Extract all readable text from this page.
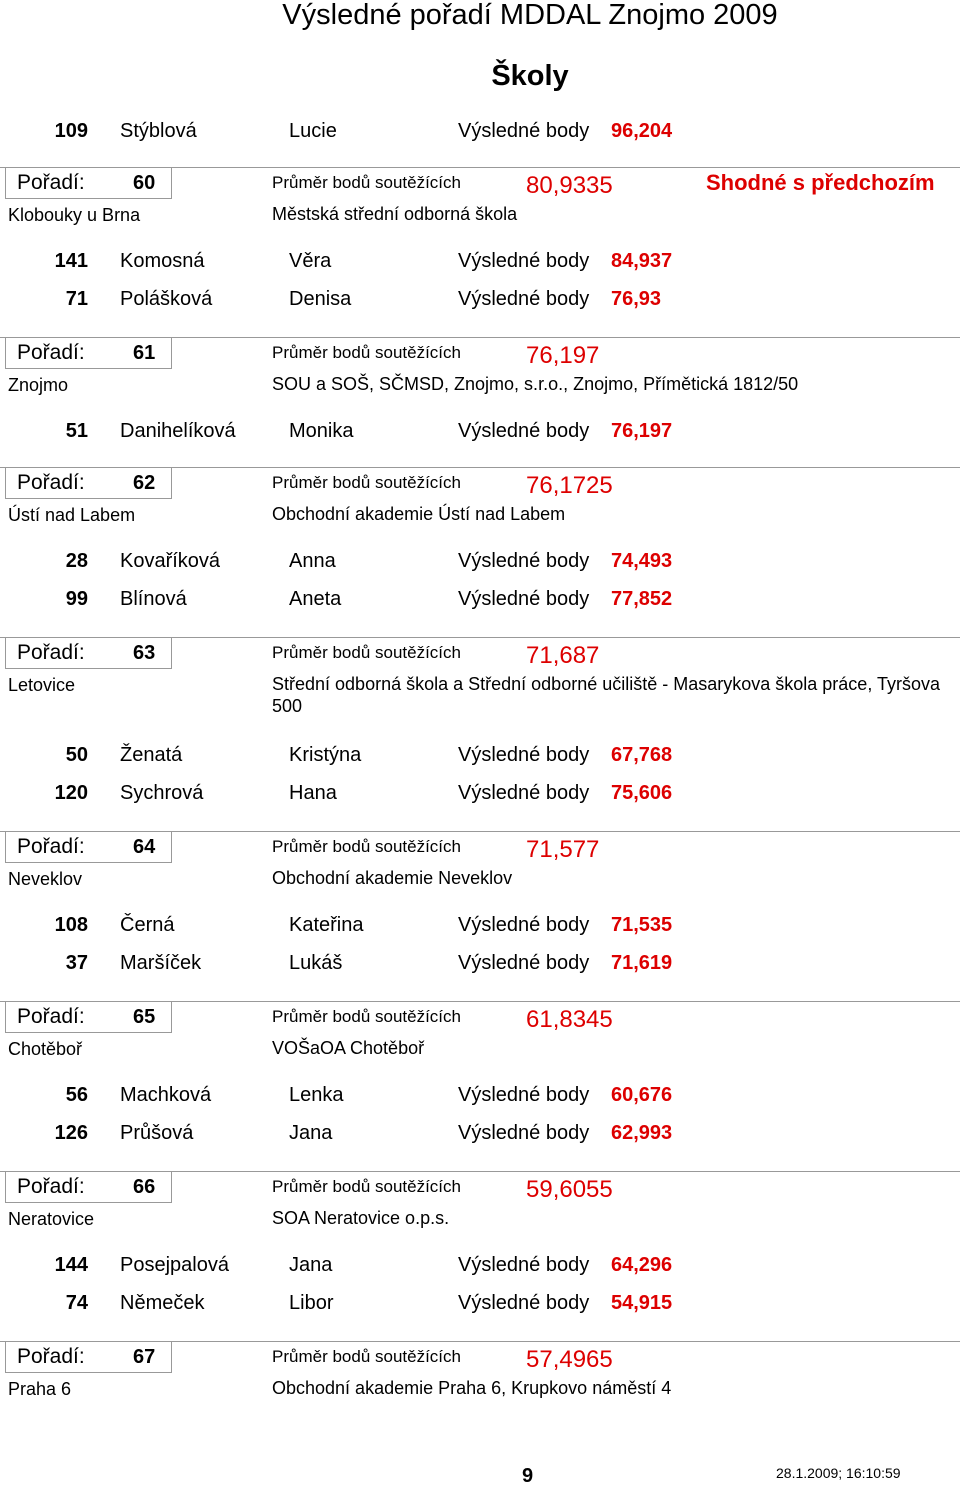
Výsledné pořadí MDDAL Znojmo 2009
Školy
109 Stýblová	Lucie	Výsledné body 96,204
Pořadí: 60	Průměr bodů soutěžících	80,9335	Shodné s předchozím
Klobouky u Brna	Městská střední odborná škola
141 Komosná	Věra	Výsledné body 84,937
71 Polášková	Denisa	Výsledné body 76,93
Pořadí: 61	Průměr bodů soutěžících	76,197
Znojmo	SOU a SOŠ, SČMSD, Znojmo, s.r.o., Znojmo, Přímětická 1812/50
51 Danihelíková	Monika	Výsledné body 76,197
Pořadí: 62	Průměr bodů soutěžících	76,1725
Ústí nad Labem	Obchodní akademie Ústí nad Labem
28 Kovaříková	Anna	Výsledné body 74,493
99 Blínová	Aneta	Výsledné body 77,852
Pořadí: 63	Průměr bodů soutěžících	71,687
Letovice	Střední odborná škola a Střední odborné učiliště - Masarykova škola práce, Tyršova 500
50 Ženatá	Kristýna	Výsledné body 67,768
120 Sychrová	Hana	Výsledné body 75,606
Pořadí: 64	Průměr bodů soutěžících	71,577
Neveklov	Obchodní akademie Neveklov
108 Černá	Kateřina	Výsledné body 71,535
37 Maršíček	Lukáš	Výsledné body 71,619
Pořadí: 65	Průměr bodů soutěžících	61,8345
Chotěboř	VOŠaOA Chotěboř
56 Machková	Lenka	Výsledné body 60,676
126 Průšová	Jana	Výsledné body 62,993
Pořadí: 66	Průměr bodů soutěžících	59,6055
Neratovice	SOA Neratovice o.p.s.
144 Posejpalová	Jana	Výsledné body 64,296
74 Němeček	Libor	Výsledné body 54,915
Pořadí: 67	Průměr bodů soutěžících	57,4965
Praha 6	Obchodní akademie Praha 6, Krupkovo náměstí 4
9	28.1.2009; 16:10:59
